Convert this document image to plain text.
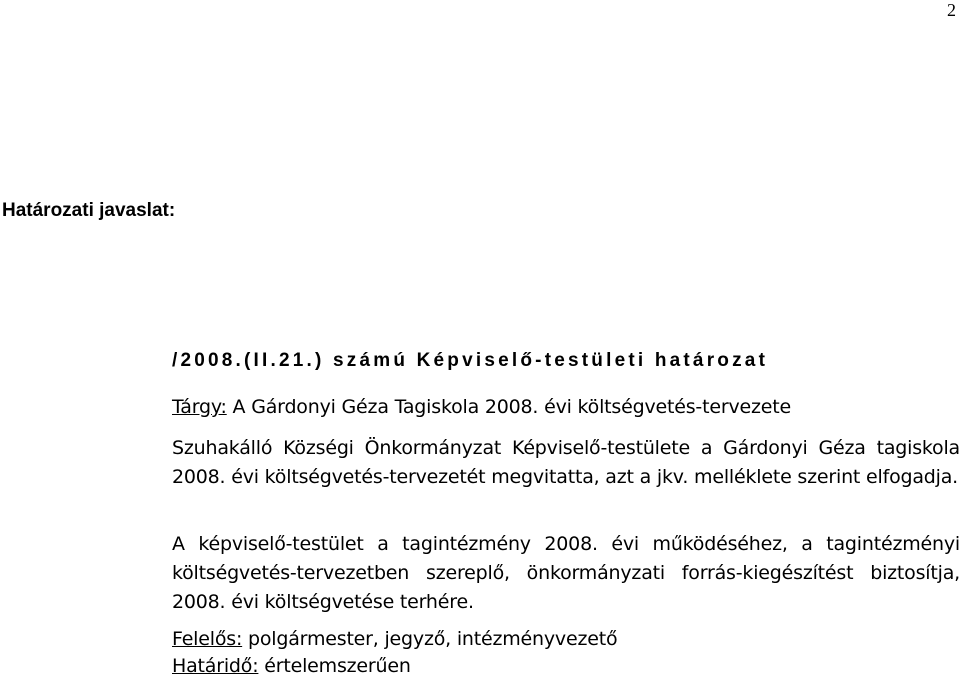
2
Határozati javaslat:
/2008.(II.21.) számú Képviselő-testületi határozat
Tárgy: A Gárdonyi Géza Tagiskola 2008. évi költségvetés-tervezete
Szuhakálló Községi Önkormányzat Képviselő-testülete a Gárdonyi Géza tagiskola 2008. évi költségvetés-tervezetét megvitatta, azt a jkv. melléklete szerint elfogadja.
A képviselő-testület a tagintézmény 2008. évi működéséhez, a tagintézményi költségvetés-tervezetben szereplő, önkormányzati forrás-kiegészítést biztosítja, 2008. évi költségvetése terhére.
Felelős: polgármester, jegyző, intézményvezető
Határidő: értelemszerűen
